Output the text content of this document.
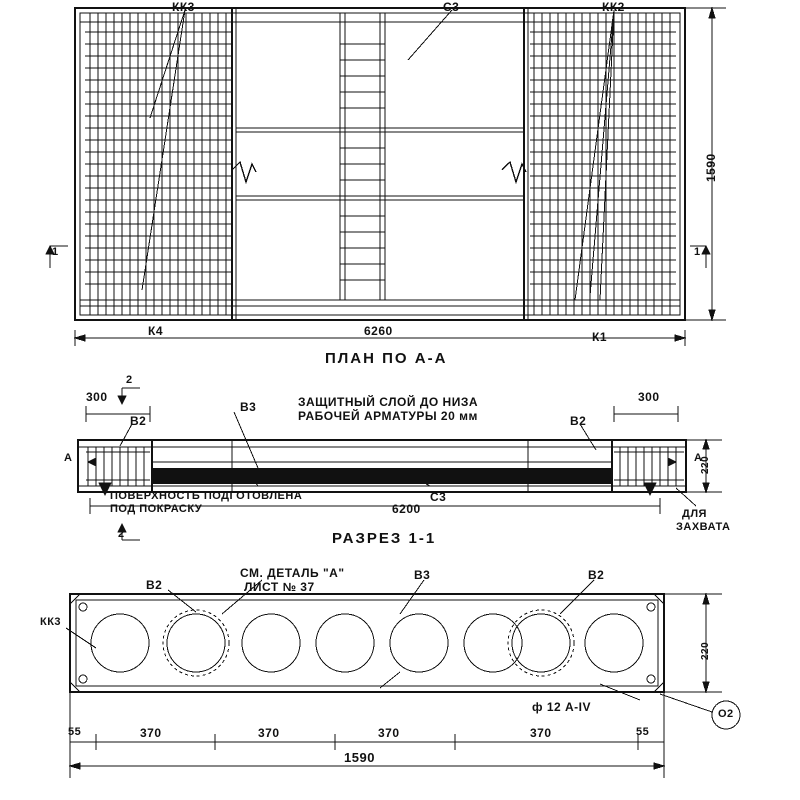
КК3	С3	КК2
К4	К1
6260
1590
1	1
ПЛАН ПО А-А
2
2
300	300
В2	В2
В3	ЗАЩИТНЫЙ СЛОЙ ДО НИЗА
РАБОЧЕЙ АРМАТУРЫ 20 мм
ПОВЕРХНОСТЬ ПОДГОТОВЛЕНА
ПОД ПОКРАСКУ
С3
6200	ДЛЯ
ЗАХВАТА
220
А	А
РАЗРЕЗ 1-1
В2
СМ. ДЕТАЛЬ "А"
ЛИСТ № 37
В3	В2
КК3
ф 12 А-IV	О2
220
55	370	370	370	370	55
1590
